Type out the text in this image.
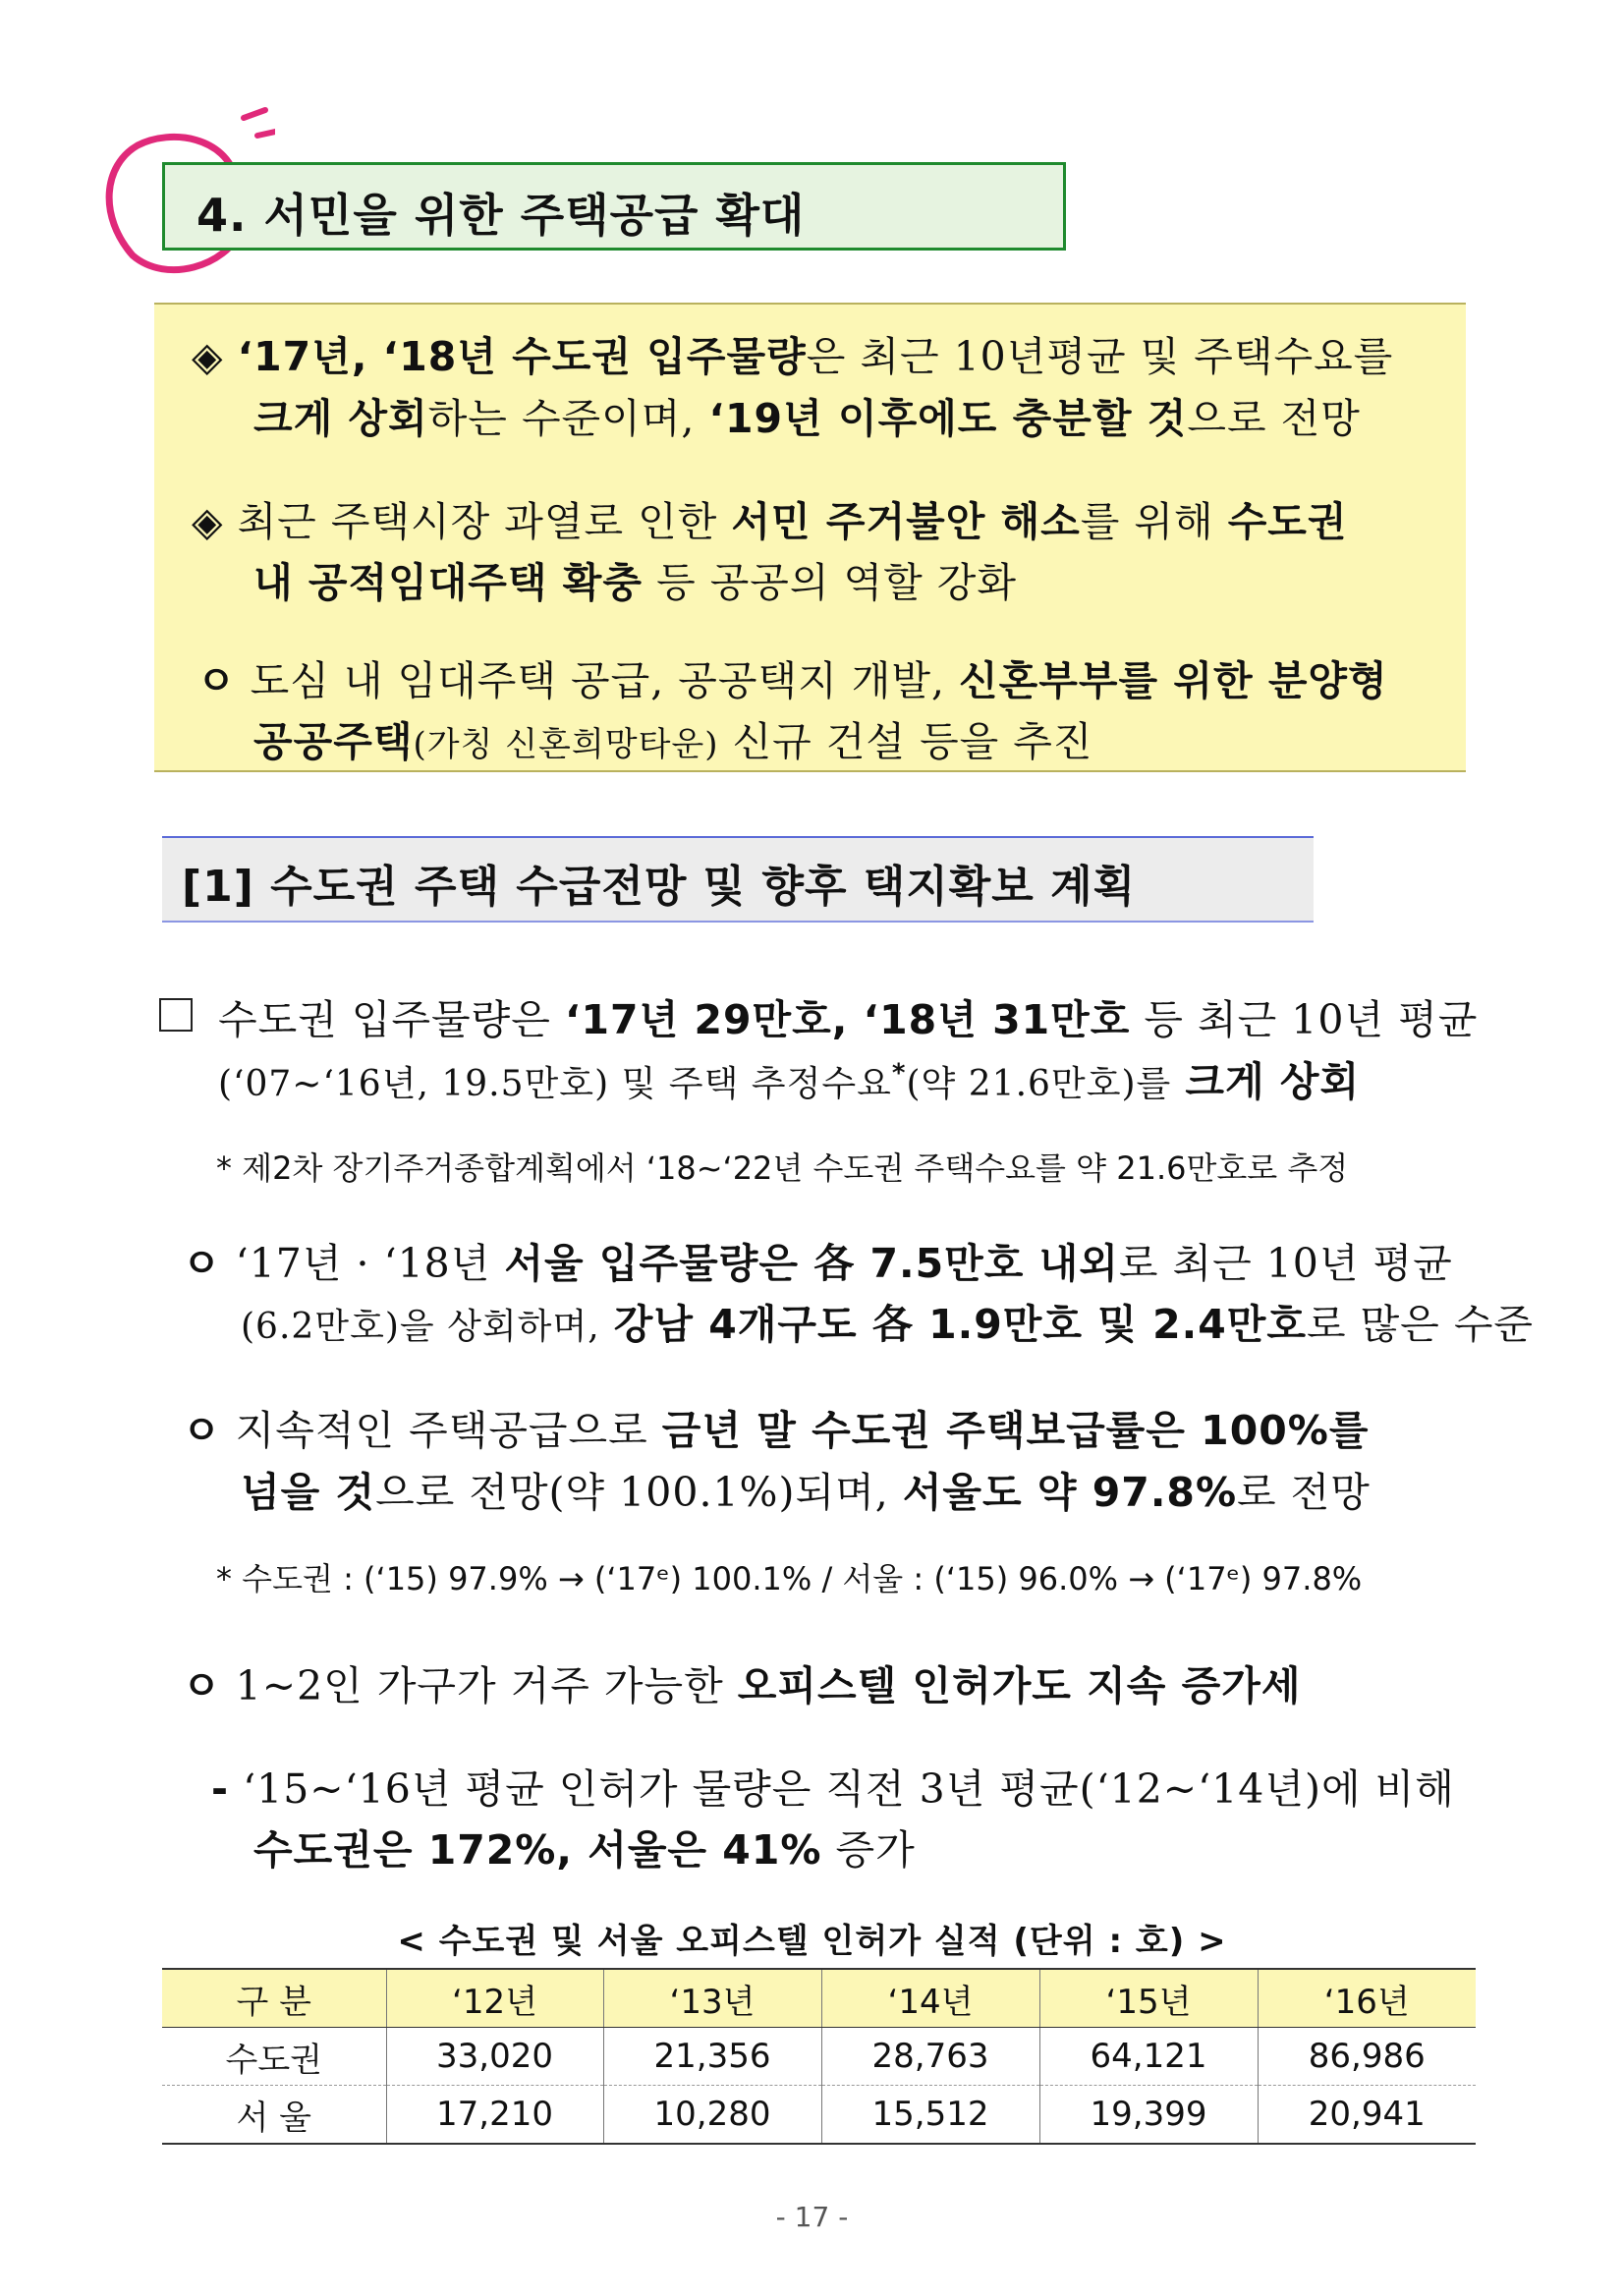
4. 서민을 위한 주택공급 확대
◈ ‘17년, ‘18년 수도권 입주물량은 최근 10년평균 및 주택수요를
크게 상회하는 수준이며, ‘19년 이후에도 충분할 것으로 전망
◈ 최근 주택시장 과열로 인한 서민 주거불안 해소를 위해 수도권
내 공적임대주택 확충 등 공공의 역할 강화
ㅇ 도심 내 임대주택 공급, 공공택지 개발, 신혼부부를 위한 분양형
공공주택(가칭 신혼희망타운) 신규 건설 등을 추진
[1] 수도권 주택 수급전망 및 향후 택지확보 계획
수도권 입주물량은 ‘17년 29만호, ‘18년 31만호 등 최근 10년 평균
(‘07~‘16년, 19.5만호) 및 주택 추정수요*(약 21.6만호)를 크게 상회
* 제2차 장기주거종합계획에서 ‘18~‘22년 수도권 주택수요를 약 21.6만호로 추정
ㅇ ‘17년 · ‘18년 서울 입주물량은 各 7.5만호 내외로 최근 10년 평균
(6.2만호)을 상회하며, 강남 4개구도 各 1.9만호 및 2.4만호로 많은 수준
ㅇ 지속적인 주택공급으로 금년 말 수도권 주택보급률은 100%를
넘을 것으로 전망(약 100.1%)되며, 서울도 약 97.8%로 전망
* 수도권 : (‘15) 97.9% → (‘17ᵉ) 100.1% / 서울 : (‘15) 96.0% → (‘17ᵉ) 97.8%
ㅇ 1~2인 가구가 거주 가능한 오피스텔 인허가도 지속 증가세
- ‘15~‘16년 평균 인허가 물량은 직전 3년 평균(‘12~‘14년)에 비해
수도권은 172%, 서울은 41% 증가
< 수도권 및 서울 오피스텔 인허가 실적 (단위 : 호) >
구 분	‘12년	‘13년	‘14년	‘15년	‘16년
수도권	33,020	21,356	28,763	64,121	86,986
서 울	17,210	10,280	15,512	19,399	20,941
- 17 -
